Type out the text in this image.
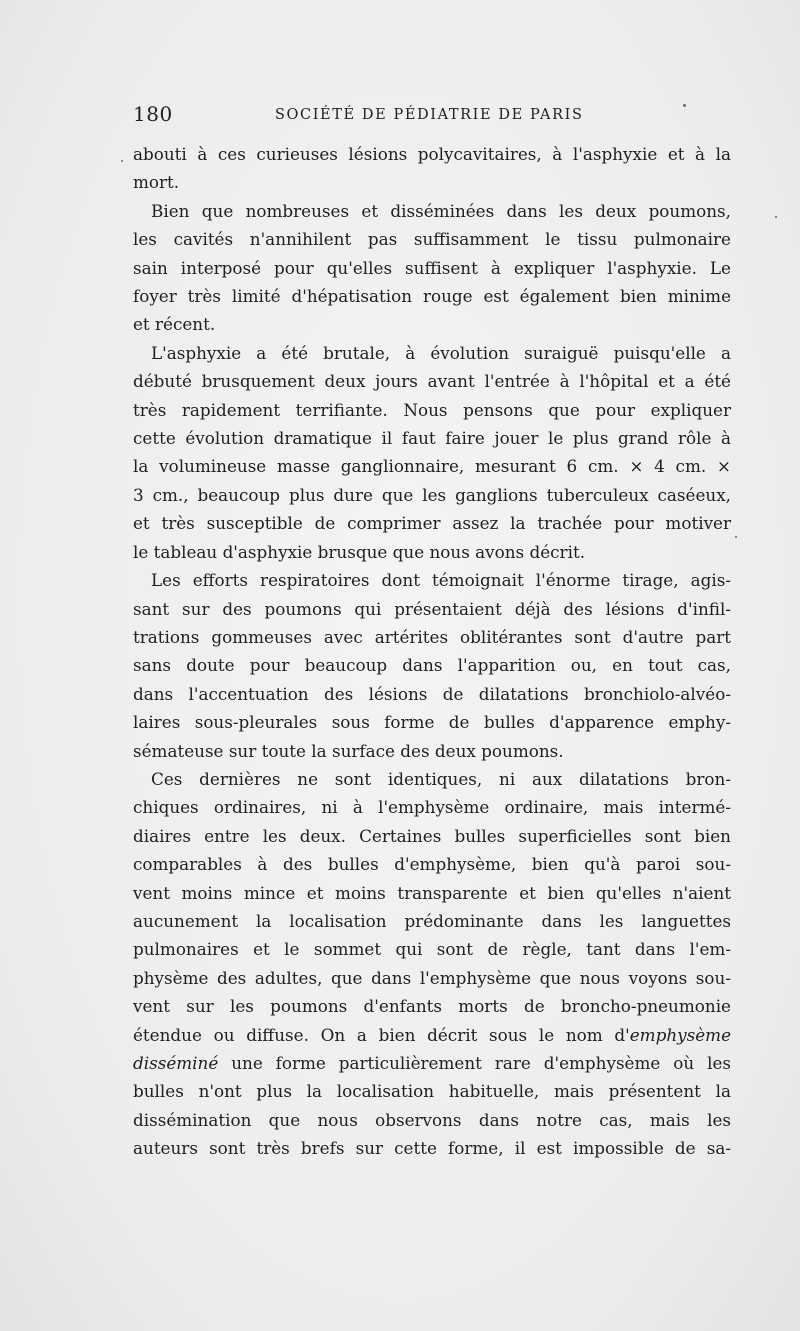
180	SOCIÉTÉ DE PÉDIATRIE DE PARIS
abouti à ces curieuses lésions polycavitaires, à l'asphyxie et à la
mort.
Bien que nombreuses et disséminées dans les deux poumons,
les cavités n'annihilent pas suffisamment le tissu pulmonaire
sain interposé pour qu'elles suffisent à expliquer l'asphyxie. Le
foyer très limité d'hépatisation rouge est également bien minime
et récent.
L'asphyxie a été brutale, à évolution suraiguë puisqu'elle a
débuté brusquement deux jours avant l'entrée à l'hôpital et a été
très rapidement terrifiante. Nous pensons que pour expliquer
cette évolution dramatique il faut faire jouer le plus grand rôle à
la volumineuse masse ganglionnaire, mesurant 6 cm. × 4 cm. ×
3 cm., beaucoup plus dure que les ganglions tuberculeux caséeux,
et très susceptible de comprimer assez la trachée pour motiver
le tableau d'asphyxie brusque que nous avons décrit.
Les efforts respiratoires dont témoignait l'énorme tirage, agis-
sant sur des poumons qui présentaient déjà des lésions d'infil-
trations gommeuses avec artérites oblitérantes sont d'autre part
sans doute pour beaucoup dans l'apparition ou, en tout cas,
dans l'accentuation des lésions de dilatations bronchiolo-alvéo-
laires sous-pleurales sous forme de bulles d'apparence emphy-
sémateuse sur toute la surface des deux poumons.
Ces dernières ne sont identiques, ni aux dilatations bron-
chiques ordinaires, ni à l'emphysème ordinaire, mais intermé-
diaires entre les deux. Certaines bulles superficielles sont bien
comparables à des bulles d'emphysème, bien qu'à paroi sou-
vent moins mince et moins transparente et bien qu'elles n'aient
aucunement la localisation prédominante dans les languettes
pulmonaires et le sommet qui sont de règle, tant dans l'em-
physème des adultes, que dans l'emphysème que nous voyons sou-
vent sur les poumons d'enfants morts de broncho-pneumonie
étendue ou diffuse. On a bien décrit sous le nom d'emphysème
disséminé une forme particulièrement rare d'emphysème où les
bulles n'ont plus la localisation habituelle, mais présentent la
dissémination que nous observons dans notre cas, mais les
auteurs sont très brefs sur cette forme, il est impossible de sa-
